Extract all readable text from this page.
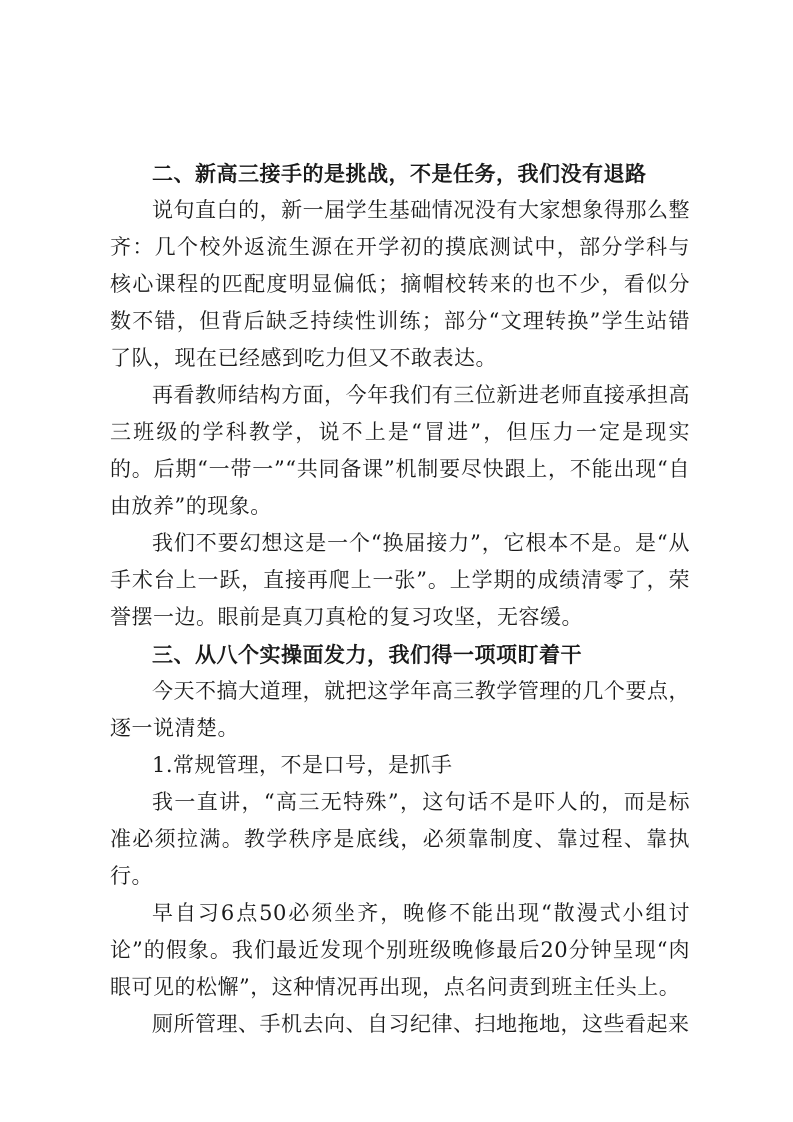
二、新高三接手的是挑战，不是任务，我们没有退路

说句直白的，新一届学生基础情况没有大家想象得那么整齐：几个校外返流生源在开学初的摸底测试中，部分学科与核心课程的匹配度明显偏低；摘帽校转来的也不少，看似分数不错，但背后缺乏持续性训练；部分“文理转换”学生站错了队，现在已经感到吃力但又不敢表达。

再看教师结构方面，今年我们有三位新进老师直接承担高三班级的学科教学，说不上是“冒进”，但压力一定是现实的。后期“一带一”“共同备课”机制要尽快跟上，不能出现“自由放养”的现象。

我们不要幻想这是一个“换届接力”，它根本不是。是“从手术台上一跃，直接再爬上一张”。上学期的成绩清零了，荣誉摆一边。眼前是真刀真枪的复习攻坚，无容缓。

三、从八个实操面发力，我们得一项项盯着干

今天不搞大道理，就把这学年高三教学管理的几个要点，逐一说清楚。

1.常规管理，不是口号，是抓手

我一直讲，“高三无特殊”，这句话不是吓人的，而是标准必须拉满。教学秩序是底线，必须靠制度、靠过程、靠执行。

早自习6点50必须坐齐，晚修不能出现“散漫式小组讨论”的假象。我们最近发现个别班级晚修最后20分钟呈现“肉眼可见的松懈”，这种情况再出现，点名问责到班主任头上。

厕所管理、手机去向、自习纪律、扫地拖地，这些看起来
